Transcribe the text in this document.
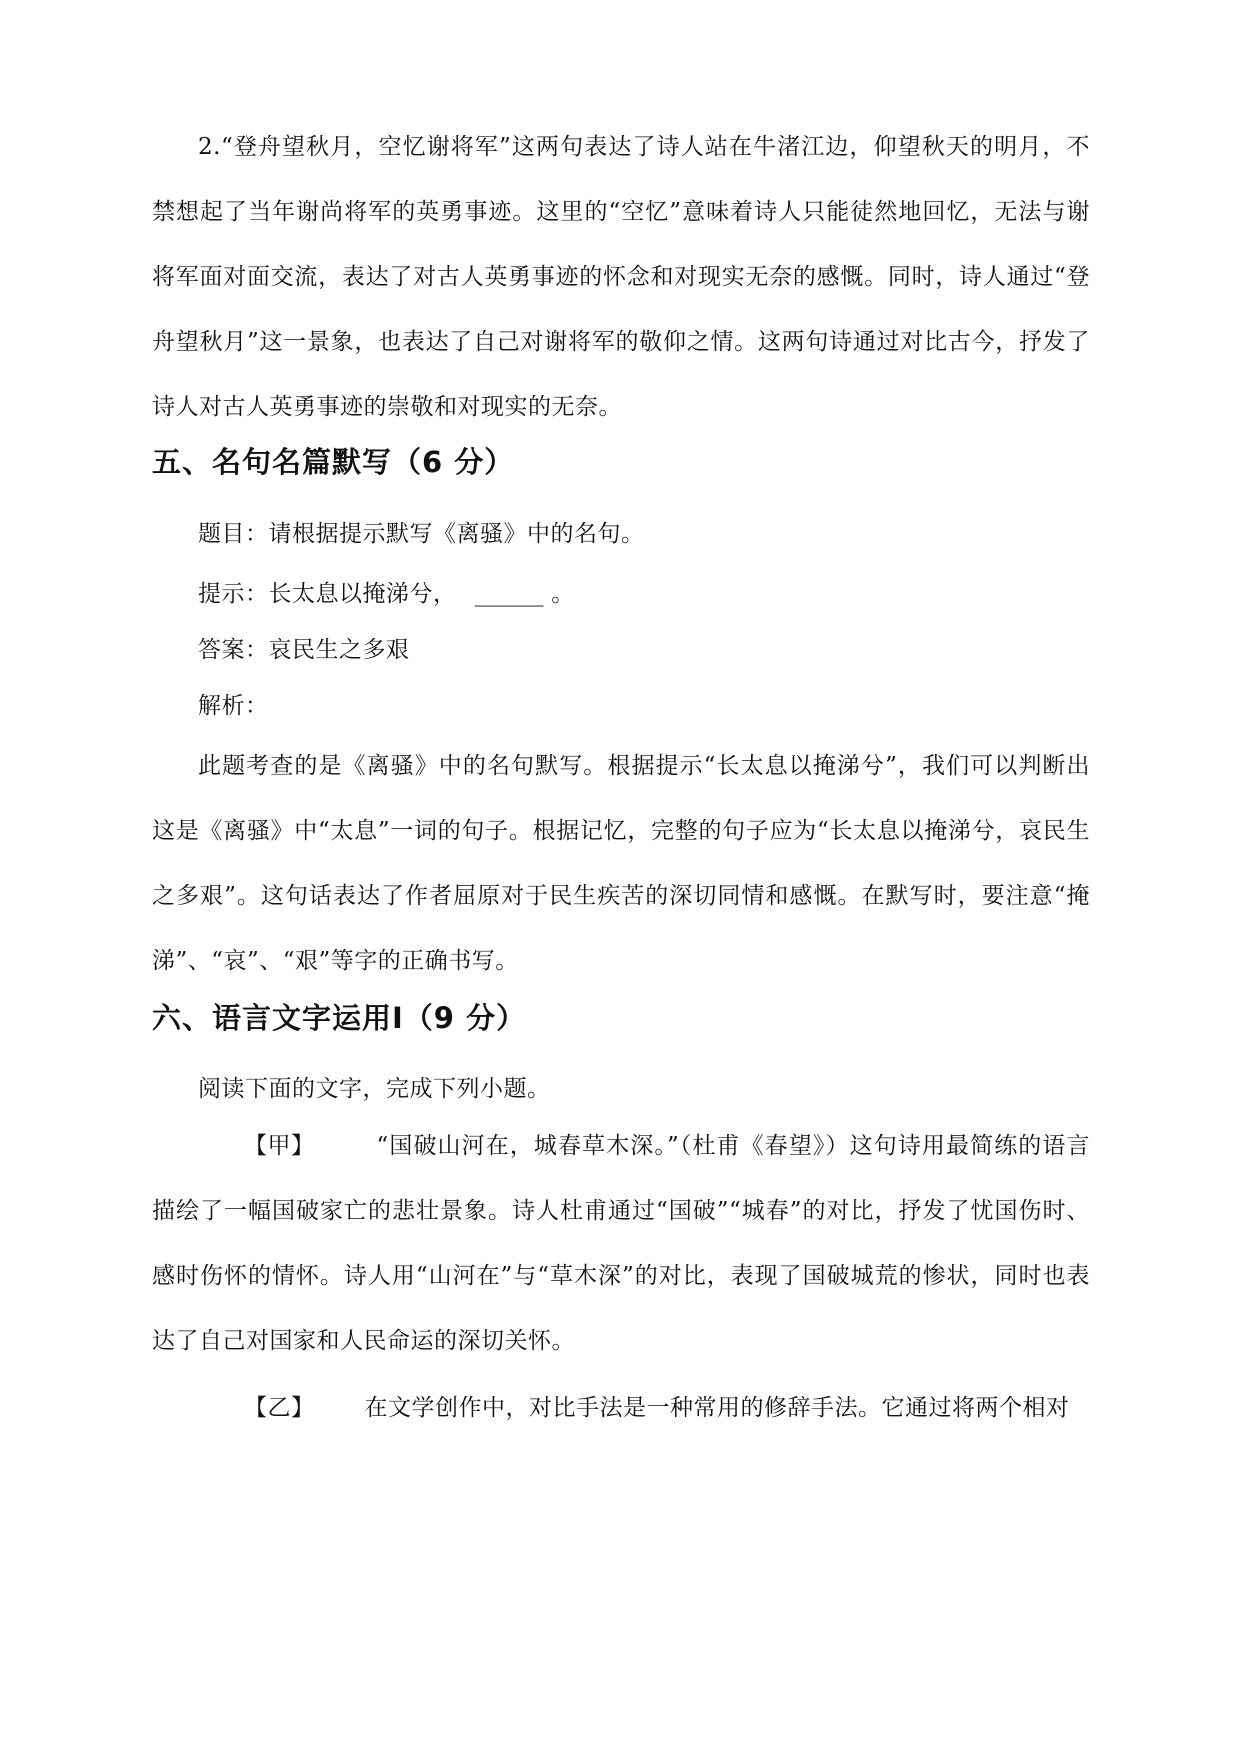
2.“登舟望秋月，空忆谢将军”这两句表达了诗人站在牛渚江边，仰望秋天的明月，不禁想起了当年谢尚将军的英勇事迹。这里的“空忆”意味着诗人只能徒然地回忆，无法与谢将军面对面交流，表达了对古人英勇事迹的怀念和对现实无奈的感慨。同时，诗人通过“登舟望秋月”这一景象，也表达了自己对谢将军的敬仰之情。这两句诗通过对比古今，抒发了诗人对古人英勇事迹的崇敬和对现实的无奈。

五、名句名篇默写（6 分）

题目：请根据提示默写《离骚》中的名句。

提示：长太息以掩涕兮， ______ 。

答案：哀民生之多艰

解析：

此题考查的是《离骚》中的名句默写。根据提示“长太息以掩涕兮”，我们可以判断出这是《离骚》中“太息”一词的句子。根据记忆，完整的句子应为“长太息以掩涕兮，哀民生之多艰”。这句话表达了作者屈原对于民生疾苦的深切同情和感慨。在默写时，要注意“掩涕”、“哀”、“艰”等字的正确书写。

六、语言文字运用Ⅰ（9 分）

阅读下面的文字，完成下列小题。

【甲】	“国破山河在，城春草木深。”（杜甫《春望》）这句诗用最简练的语言描绘了一幅国破家亡的悲壮景象。诗人杜甫通过“国破”“城春”的对比，抒发了忧国伤时、感时伤怀的情怀。诗人用“山河在”与“草木深”的对比，表现了国破城荒的惨状，同时也表达了自己对国家和人民命运的深切关怀。

【乙】 在文学创作中，对比手法是一种常用的修辞手法。它通过将两个相对
